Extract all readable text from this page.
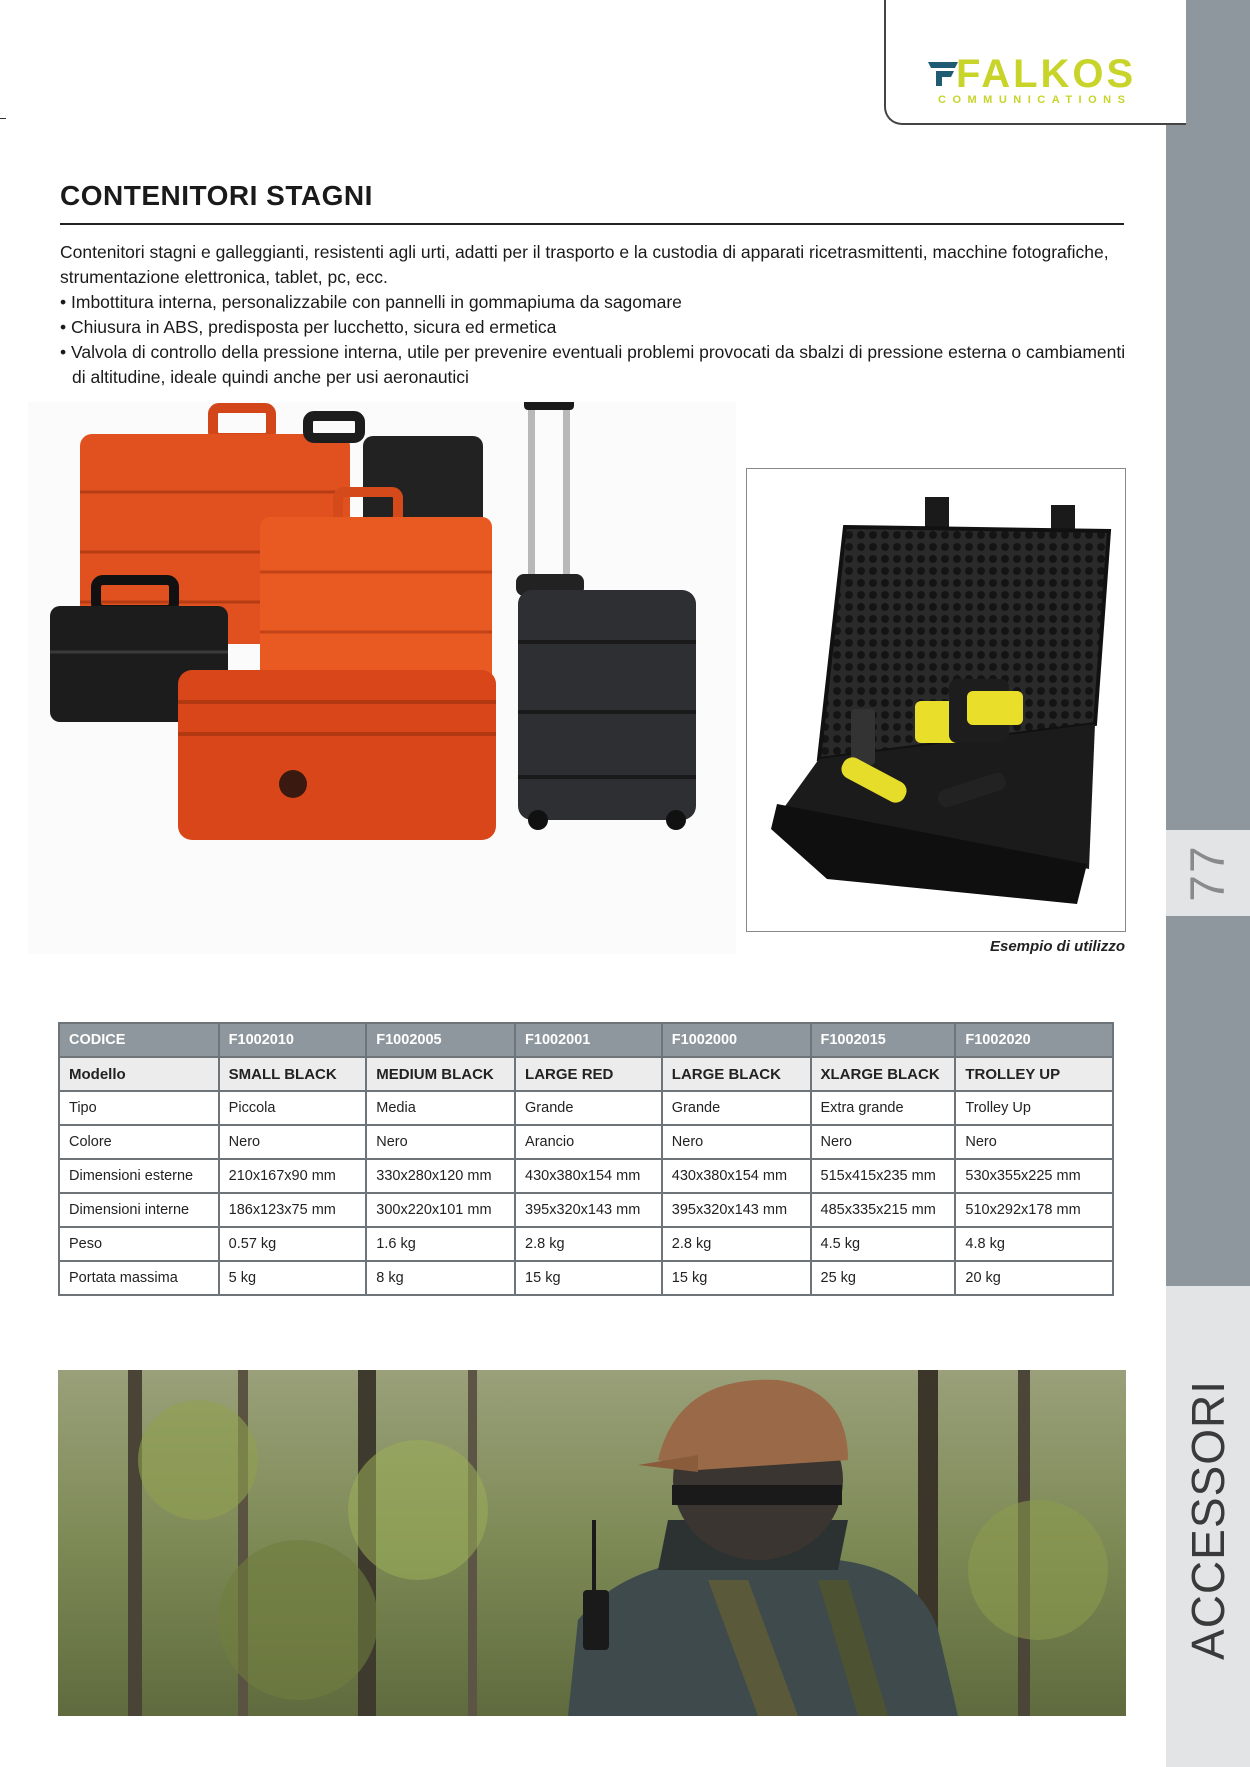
77
ACCESSORI
FALKOS
COMMUNICATIONS
CONTENITORI STAGNI

Contenitori stagni e galleggianti, resistenti agli urti, adatti per il trasporto e la custodia di apparati ricetrasmittenti, macchine fotografiche, strumentazione elettronica, tablet, pc, ecc.

• Imbottitura interna, personalizzabile con pannelli in gommapiuma da sagomare
• Chiusura in ABS, predisposta per lucchetto, sicura ed ermetica
• Valvola di controllo della pressione interna, utile per prevenire eventuali problemi provocati da sbalzi di pressione esterna o cambiamenti di altitudine, ideale quindi anche per usi aeronautici
Esempio di utilizzo
CODICE	F1002010	F1002005	F1002001	F1002000	F1002015	F1002020
Modello	SMALL BLACK	MEDIUM BLACK	LARGE RED	LARGE BLACK	XLARGE BLACK	TROLLEY UP
Tipo	Piccola	Media	Grande	Grande	Extra grande	Trolley Up
Colore	Nero	Nero	Arancio	Nero	Nero	Nero
Dimensioni esterne	210x167x90 mm	330x280x120 mm	430x380x154 mm	430x380x154 mm	515x415x235 mm	530x355x225 mm
Dimensioni interne	186x123x75 mm	300x220x101 mm	395x320x143 mm	395x320x143 mm	485x335x215 mm	510x292x178 mm
Peso	0.57 kg	1.6 kg	2.8 kg	2.8 kg	4.5 kg	4.8 kg
Portata massima	5 kg	8 kg	15 kg	15 kg	25 kg	20 kg
